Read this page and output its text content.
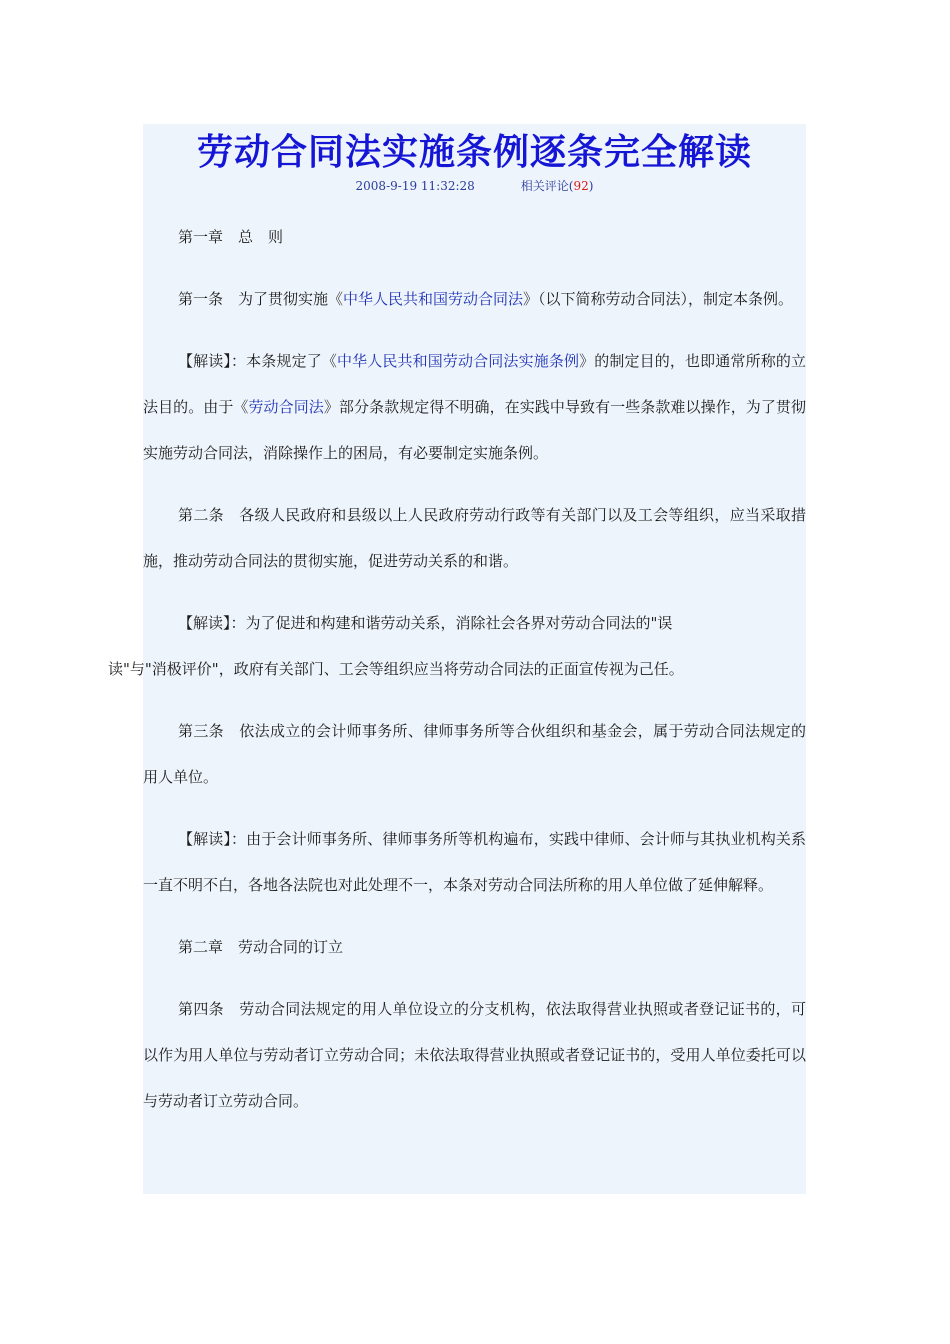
劳动合同法实施条例逐条完全解读
2008-9-19 11:32:28	相关评论(92)

第一章　总　则

第一条　为了贯彻实施《中华人民共和国劳动合同法》（以下简称劳动合同法），制定本条例。

【解读】：本条规定了《中华人民共和国劳动合同法实施条例》的制定目的，也即通常所称的立法目的。由于《劳动合同法》部分条款规定得不明确，在实践中导致有一些条款难以操作，为了贯彻实施劳动合同法，消除操作上的困局，有必要制定实施条例。

第二条　各级人民政府和县级以上人民政府劳动行政等有关部门以及工会等组织，应当采取措施，推动劳动合同法的贯彻实施，促进劳动关系的和谐。

【解读】：为了促进和构建和谐劳动关系，消除社会各界对劳动合同法的"误
读"与"消极评价"，政府有关部门、工会等组织应当将劳动合同法的正面宣传视为己任。

第三条　依法成立的会计师事务所、律师事务所等合伙组织和基金会，属于劳动合同法规定的用人单位。

【解读】：由于会计师事务所、律师事务所等机构遍布，实践中律师、会计师与其执业机构关系一直不明不白，各地各法院也对此处理不一，本条对劳动合同法所称的用人单位做了延伸解释。

第二章　劳动合同的订立

第四条　劳动合同法规定的用人单位设立的分支机构，依法取得营业执照或者登记证书的，可以作为用人单位与劳动者订立劳动合同；未依法取得营业执照或者登记证书的，受用人单位委托可以与劳动者订立劳动合同。
